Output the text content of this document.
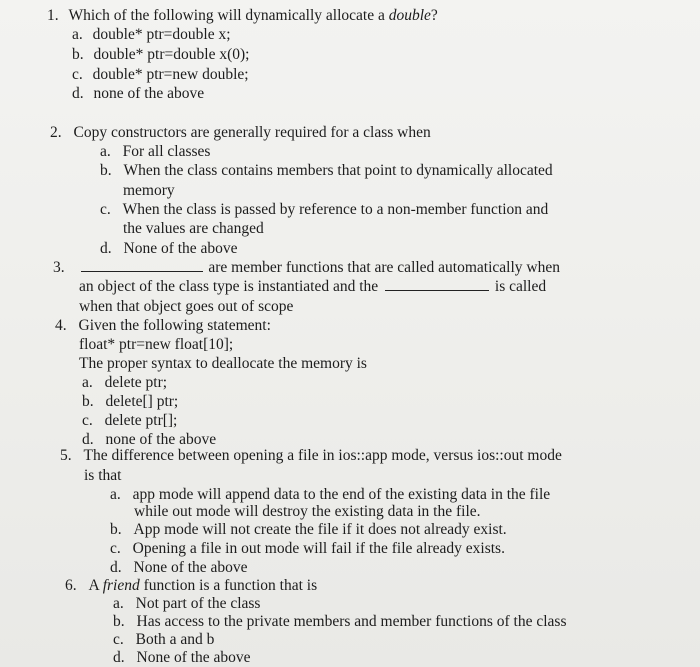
1. Which of the following will dynamically allocate a double?
a. double* ptr=double x;
b. double* ptr=double x(0);
c. double* ptr=new double;
d. none of the above
2. Copy constructors are generally required for a class when
a. For all classes
b. When the class contains members that point to dynamically allocated
memory
c. When the class is passed by reference to a non-member function and
the values are changed
d. None of the above
3.	are member functions that are called automatically when
an object of the class type is instantiated and the	is called
when that object goes out of scope
4. Given the following statement:
float* ptr=new float[10];
The proper syntax to deallocate the memory is
a. delete ptr;
b. delete[] ptr;
c. delete ptr[];
d. none of the above
5. The difference between opening a file in ios::app mode, versus ios::out mode
is that
a. app mode will append data to the end of the existing data in the file
while out mode will destroy the existing data in the file.
b. App mode will not create the file if it does not already exist.
c. Opening a file in out mode will fail if the file already exists.
d. None of the above
6. A friend function is a function that is
a. Not part of the class
b. Has access to the private members and member functions of the class
c. Both a and b
d. None of the above
